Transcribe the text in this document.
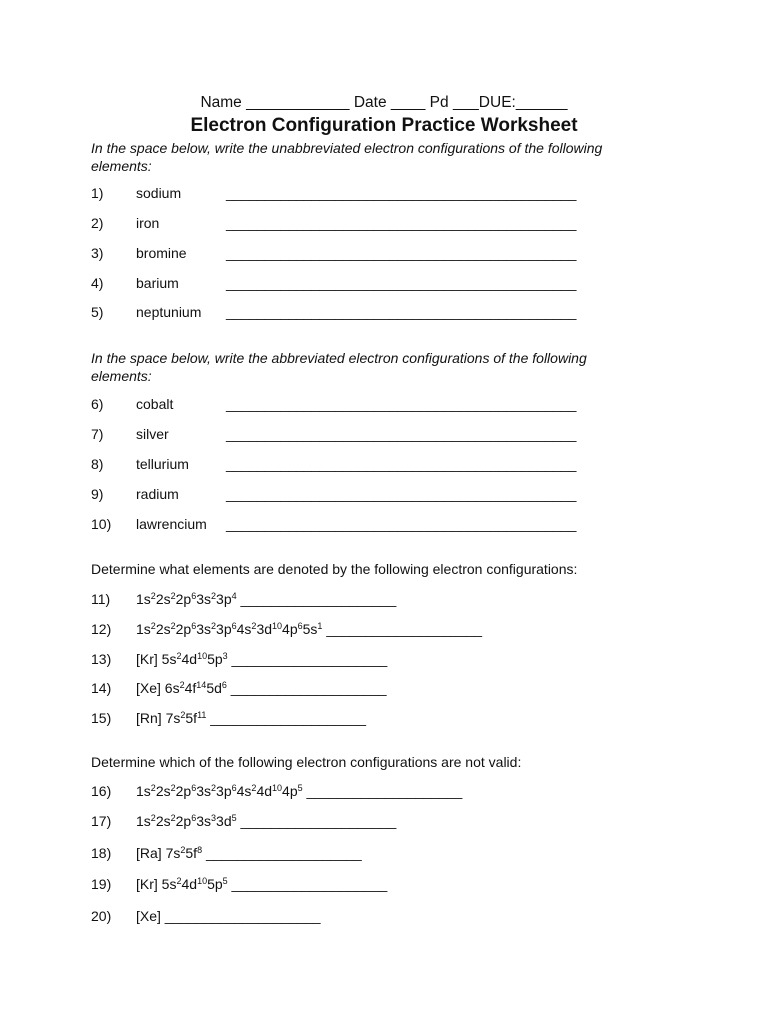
Name ____________ Date ____ Pd ___DUE:______
Electron Configuration Practice Worksheet
In the space below, write the unabbreviated electron configurations of the following elements:
1) sodium	_____________________________________________
2) iron	_____________________________________________
3) bromine	_____________________________________________
4) barium	_____________________________________________
5) neptunium _____________________________________________
In the space below, write the abbreviated electron configurations of the following elements:
6) cobalt	_____________________________________________
7) silver	_____________________________________________
8) tellurium	_____________________________________________
9) radium	_____________________________________________
10) lawrencium _____________________________________________
Determine what elements are denoted by the following electron configurations:
11) $1s^22s^22p^63s^23p^4$ ____________________
12) $1s^22s^22p^63s^23p^64s^23d^{10}4p^65s^1$ ____________________
13) [Kr] $5s^24d^{10}5p^3$ ____________________
14) [Xe] $6s^24f^{14}5d^6$ ____________________
15) [Rn] $7s^25f^{11}$ ____________________
Determine which of the following electron configurations are not valid:
16) $1s^22s^22p^63s^23p^64s^24d^{10}4p^5$ ____________________
17) $1s^22s^22p^63s^33d^5$ ____________________
18) [Ra] $7s^25f^8$ ____________________
19) [Kr] $5s^24d^{10}5p^5$ ____________________
20) [Xe] ____________________
